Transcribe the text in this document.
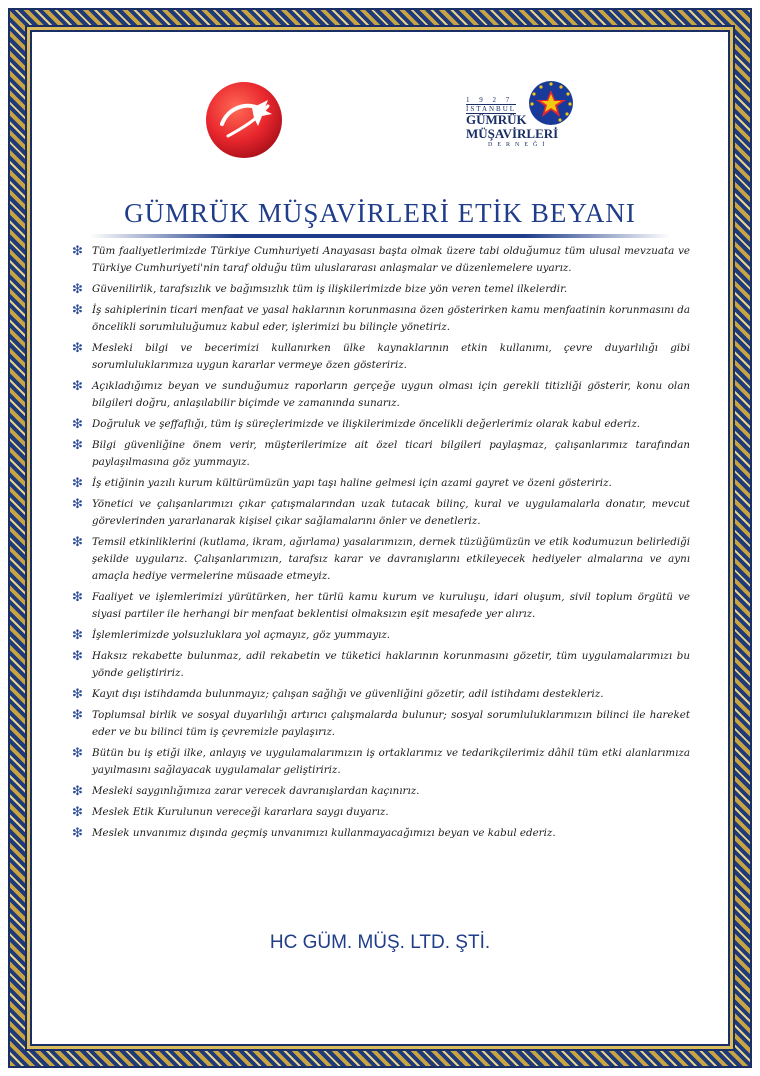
1 9 2 7
İSTANBUL
GÜMRÜK
MÜŞAVİRLERİ
DERNEĞİ
GÜMRÜK MÜŞAVİRLERİ ETİK BEYANI
❇ Tüm faaliyetlerimizde Türkiye Cumhuriyeti Anayasası başta olmak üzere tabi olduğumuz tüm ulusal mevzuata ve Türkiye Cumhuriyeti'nin taraf olduğu tüm uluslararası anlaşmalar ve düzenlemelere uyarız.
❇ Güvenilirlik, tarafsızlık ve bağımsızlık tüm iş ilişkilerimizde bize yön veren temel ilkelerdir.
❇ İş sahiplerinin ticari menfaat ve yasal haklarının korunmasına özen gösterirken kamu menfaatinin korunmasını da öncelikli sorumluluğumuz kabul eder, işlerimizi bu bilinçle yönetiriz.
❇ Mesleki bilgi ve becerimizi kullanırken ülke kaynaklarının etkin kullanımı, çevre duyarlılığı gibi sorumluluklarımıza uygun kararlar vermeye özen gösteririz.
❇ Açıkladığımız beyan ve sunduğumuz raporların gerçeğe uygun olması için gerekli titizliği gösterir, konu olan bilgileri doğru, anlaşılabilir biçimde ve zamanında sunarız.
❇ Doğruluk ve şeffaflığı, tüm iş süreçlerimizde ve ilişkilerimizde öncelikli değerlerimiz olarak kabul ederiz.
❇ Bilgi güvenliğine önem verir, müşterilerimize ait özel ticari bilgileri paylaşmaz, çalışanlarımız tarafından paylaşılmasına göz yummayız.
❇ İş etiğinin yazılı kurum kültürümüzün yapı taşı haline gelmesi için azami gayret ve özeni gösteririz.
❇ Yönetici ve çalışanlarımızı çıkar çatışmalarından uzak tutacak bilinç, kural ve uygulamalarla donatır, mevcut görevlerinden yararlanarak kişisel çıkar sağlamalarını önler ve denetleriz.
❇ Temsil etkinliklerini (kutlama, ikram, ağırlama) yasalarımızın, dernek tüzüğümüzün ve etik kodumuzun belirlediği şekilde uygularız. Çalışanlarımızın, tarafsız karar ve davranışlarını etkileyecek hediyeler almalarına ve aynı amaçla hediye vermelerine müsaade etmeyiz.
❇ Faaliyet ve işlemlerimizi yürütürken, her türlü kamu kurum ve kuruluşu, idari oluşum, sivil toplum örgütü ve siyasi partiler ile herhangi bir menfaat beklentisi olmaksızın eşit mesafede yer alırız.
❇ İşlemlerimizde yolsuzluklara yol açmayız, göz yummayız.
❇ Haksız rekabette bulunmaz, adil rekabetin ve tüketici haklarının korunmasını gözetir, tüm uygulamalarımızı bu yönde geliştiririz.
❇ Kayıt dışı istihdamda bulunmayız; çalışan sağlığı ve güvenliğini gözetir, adil istihdamı destekleriz.
❇ Toplumsal birlik ve sosyal duyarlılığı artırıcı çalışmalarda bulunur; sosyal sorumluluklarımızın bilinci ile hareket eder ve bu bilinci tüm iş çevremizle paylaşırız.
❇ Bütün bu iş etiği ilke, anlayış ve uygulamalarımızın iş ortaklarımız ve tedarikçilerimiz dâhil tüm etki alanlarımıza yayılmasını sağlayacak uygulamalar geliştiririz.
❇ Mesleki saygınlığımıza zarar verecek davranışlardan kaçınırız.
❇ Meslek Etik Kurulunun vereceği kararlara saygı duyarız.
❇ Meslek unvanımız dışında geçmiş unvanımızı kullanmayacağımızı beyan ve kabul ederiz.
HC GÜM. MÜŞ. LTD. ŞTİ.
